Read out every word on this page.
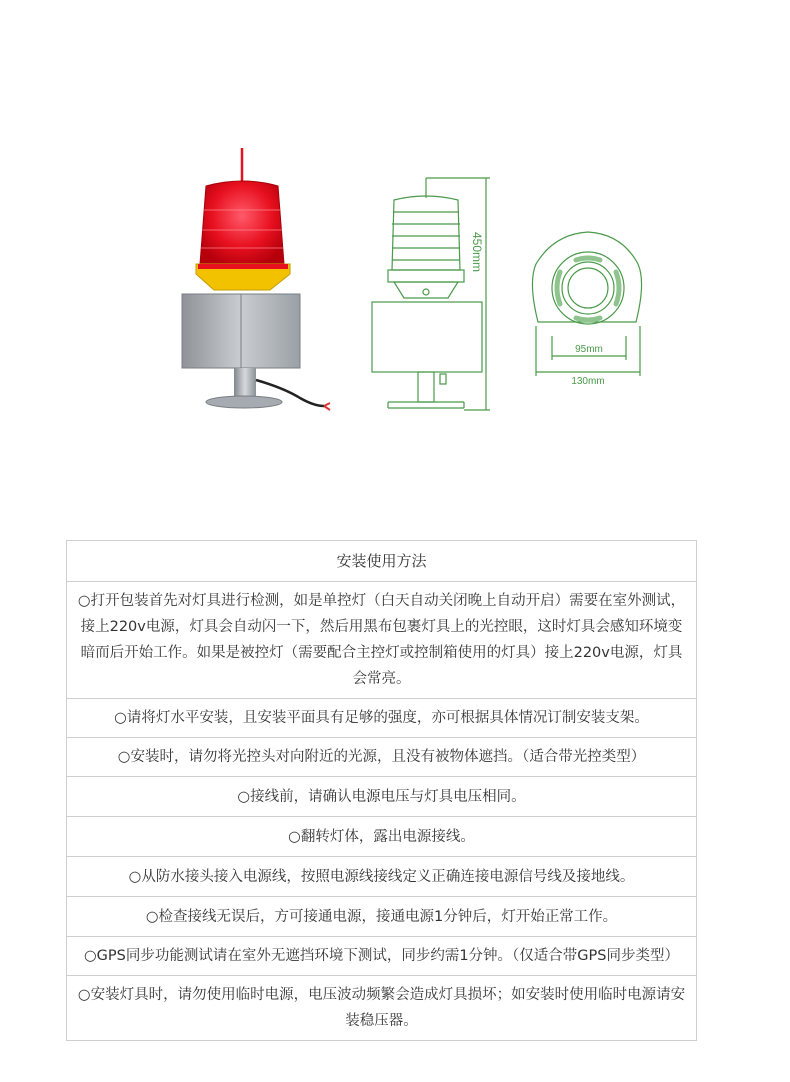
450mm
95mm
130mm
安装使用方法
○打开包装首先对灯具进行检测，如是单控灯（白天自动关闭晚上自动开启）需要在室外测试，接上220v电源，灯具会自动闪一下，然后用黑布包裹灯具上的光控眼，这时灯具会感知环境变暗而后开始工作。如果是被控灯（需要配合主控灯或控制箱使用的灯具）接上220v电源，灯具会常亮。
○请将灯水平安装，且安装平面具有足够的强度，亦可根据具体情况订制安装支架。
○安装时，请勿将光控头对向附近的光源，且没有被物体遮挡。（适合带光控类型）
○接线前，请确认电源电压与灯具电压相同。
○翻转灯体，露出电源接线。
○从防水接头接入电源线，按照电源线接线定义正确连接电源信号线及接地线。
○检查接线无误后，方可接通电源，接通电源1分钟后，灯开始正常工作。
○GPS同步功能测试请在室外无遮挡环境下测试，同步约需1分钟。（仅适合带GPS同步类型）
○安装灯具时，请勿使用临时电源，电压波动频繁会造成灯具损坏；如安装时使用临时电源请安装稳压器。
